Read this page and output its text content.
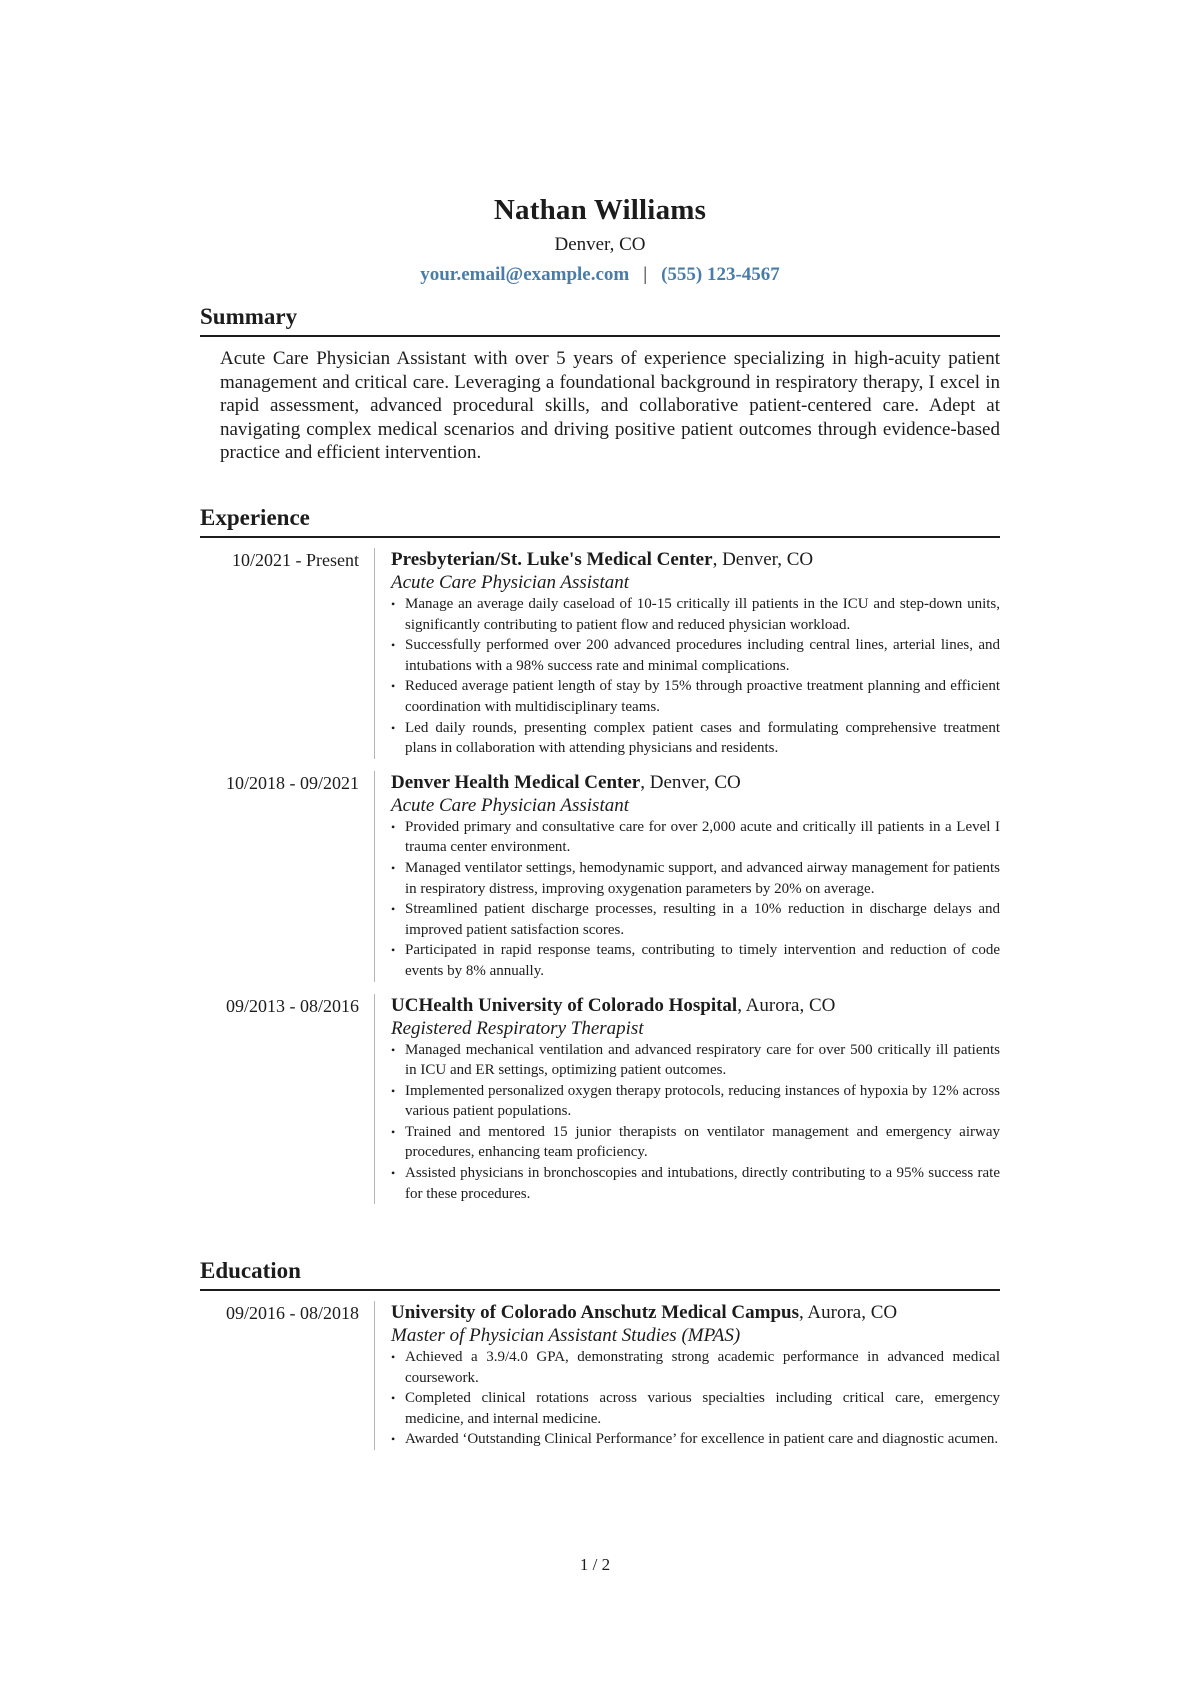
Nathan Williams
Denver, CO
your.email@example.com | (555) 123-4567
Summary

Acute Care Physician Assistant with over 5 years of experience specializing in high-acuity patient management and critical care. Leveraging a foundational background in respiratory therapy, I excel in rapid assessment, advanced procedural skills, and collaborative patient-centered care. Adept at navigating complex medical scenarios and driving positive patient outcomes through evidence-based practice and efficient intervention.

Experience
10/2021 - Present	Presbyterian/St. Luke's Medical Center, Denver, CO
Acute Care Physician Assistant
• Manage an average daily caseload of 10-15 critically ill patients in the ICU and step-down units, significantly contributing to patient flow and reduced physician workload.
• Successfully performed over 200 advanced procedures including central lines, arterial lines, and intubations with a 98% success rate and minimal complications.
• Reduced average patient length of stay by 15% through proactive treatment planning and efficient coordination with multidisciplinary teams.
• Led daily rounds, presenting complex patient cases and formulating comprehensive treatment plans in collaboration with attending physicians and residents.
10/2018 - 09/2021	Denver Health Medical Center, Denver, CO
Acute Care Physician Assistant
• Provided primary and consultative care for over 2,000 acute and critically ill patients in a Level I trauma center environment.
• Managed ventilator settings, hemodynamic support, and advanced airway management for patients in respiratory distress, improving oxygenation parameters by 20% on average.
• Streamlined patient discharge processes, resulting in a 10% reduction in discharge delays and improved patient satisfaction scores.
• Participated in rapid response teams, contributing to timely intervention and reduction of code events by 8% annually.
09/2013 - 08/2016	UCHealth University of Colorado Hospital, Aurora, CO
Registered Respiratory Therapist
• Managed mechanical ventilation and advanced respiratory care for over 500 critically ill patients in ICU and ER settings, optimizing patient outcomes.
• Implemented personalized oxygen therapy protocols, reducing instances of hypoxia by 12% across various patient populations.
• Trained and mentored 15 junior therapists on ventilator management and emergency airway procedures, enhancing team proficiency.
• Assisted physicians in bronchoscopies and intubations, directly contributing to a 95% success rate for these procedures.
Education
09/2016 - 08/2018	University of Colorado Anschutz Medical Campus, Aurora, CO
Master of Physician Assistant Studies (MPAS)
• Achieved a 3.9/4.0 GPA, demonstrating strong academic performance in advanced medical coursework.
• Completed clinical rotations across various specialties including critical care, emergency medicine, and internal medicine.
• Awarded ‘Outstanding Clinical Performance’ for excellence in patient care and diagnostic acumen.
1 / 2
